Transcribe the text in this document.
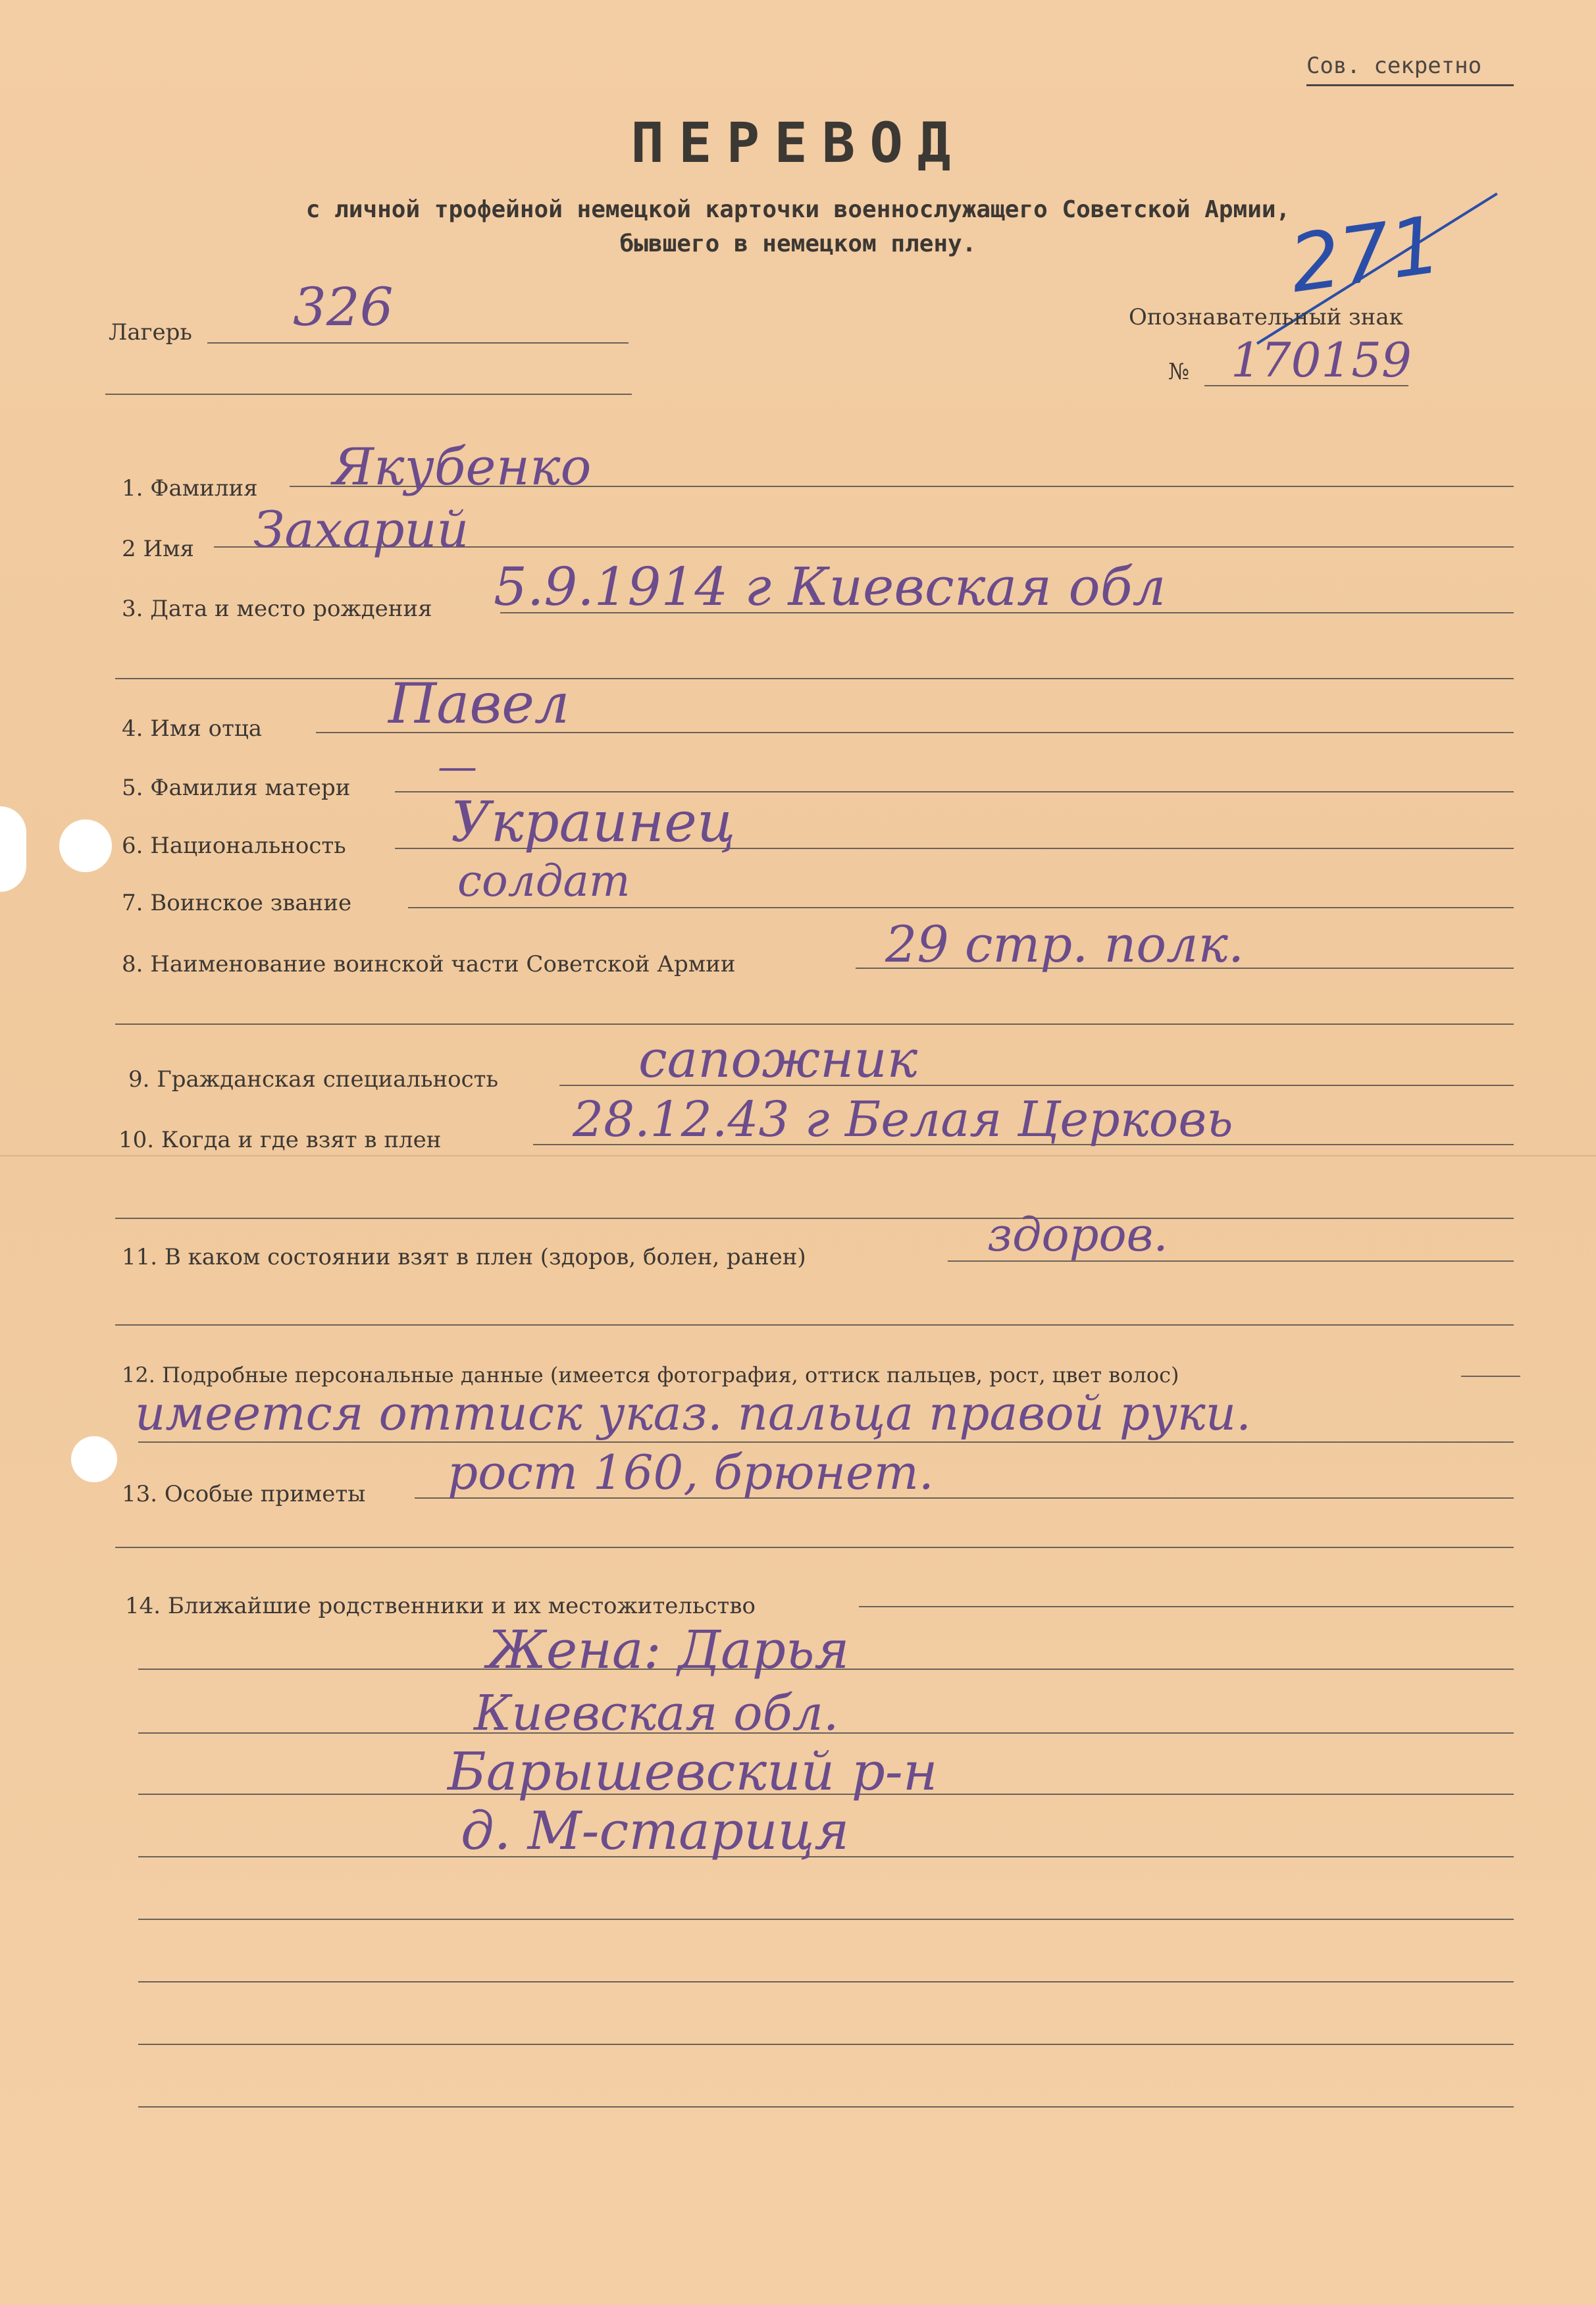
Сов. секретно
ПЕРЕВОД
с личной трофейной немецкой карточки военнослужащего Советской Армии,
бывшего в немецком плену.	271
Лагерь 326	Опознавательный знак
№ 170159
1. Фамилия Якубенко
2 Имя Захарий
3. Дата и место рождения 5.9.1914 г Киевская обл
4. Имя отца Павел
5. Фамилия матери —
6. Национальность Украинец
7. Воинское звание солдат
8. Наименование воинской части Советской Армии	29 стр. полк.
9. Гражданская специальность	сапожник
10. Когда и где взят в плен	28.12.43 г Белая Церковь
11. В каком состоянии взят в плен (здоров, болен, ранен)	здоров.
12. Подробные персональные данные (имеется фотография, оттиск пальцев, рост, цвет волос)
имеется оттиск указ. пальца правой руки.
13. Особые приметы рост 160, брюнет.
14. Ближайшие родственники и их местожительство
Жена: Дарья
Киевская обл.
Барышевский р-н
д. М-стариця
